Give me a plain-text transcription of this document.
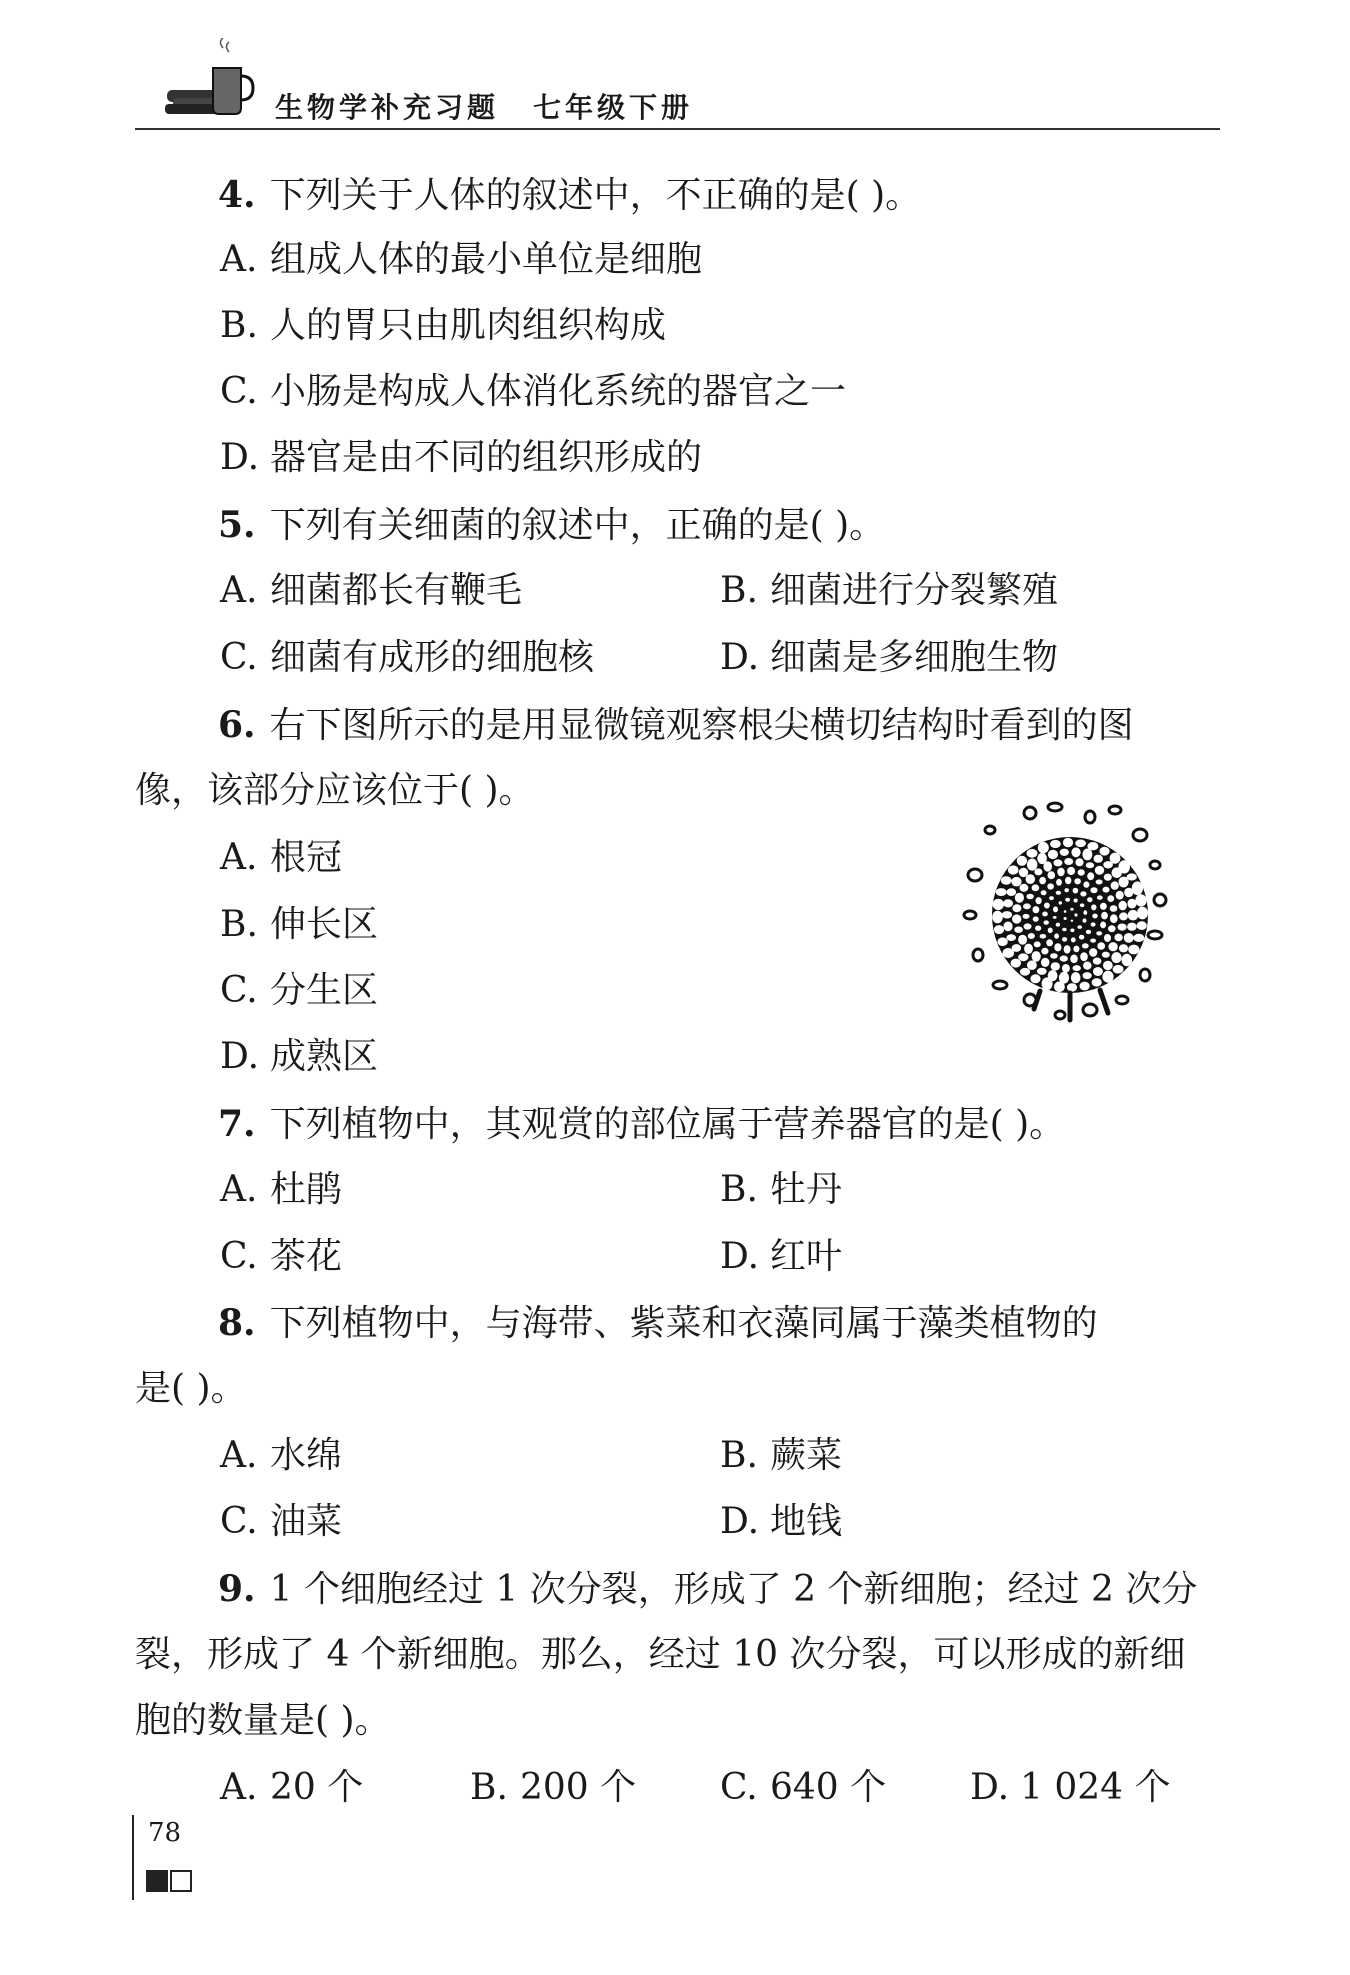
生物学补充习题 七年级下册
4. 下列关于人体的叙述中，不正确的是( )。
A. 组成人体的最小单位是细胞
B. 人的胃只由肌肉组织构成
C. 小肠是构成人体消化系统的器官之一
D. 器官是由不同的组织形成的
5. 下列有关细菌的叙述中，正确的是( )。
A. 细菌都长有鞭毛	B. 细菌进行分裂繁殖
C. 细菌有成形的细胞核	D. 细菌是多细胞生物
6. 右下图所示的是用显微镜观察根尖横切结构时看到的图
像，该部分应该位于( )。
A. 根冠
B. 伸长区
C. 分生区
D. 成熟区
7. 下列植物中，其观赏的部位属于营养器官的是( )。
A. 杜鹃	B. 牡丹
C. 茶花	D. 红叶
8. 下列植物中，与海带、紫菜和衣藻同属于藻类植物的
是( )。
A. 水绵	B. 蕨菜
C. 油菜	D. 地钱
9. 1 个细胞经过 1 次分裂，形成了 2 个新细胞；经过 2 次分
裂，形成了 4 个新细胞。那么，经过 10 次分裂，可以形成的新细
胞的数量是( )。
A. 20 个	B. 200 个 C. 640 个 D. 1 024 个
78
